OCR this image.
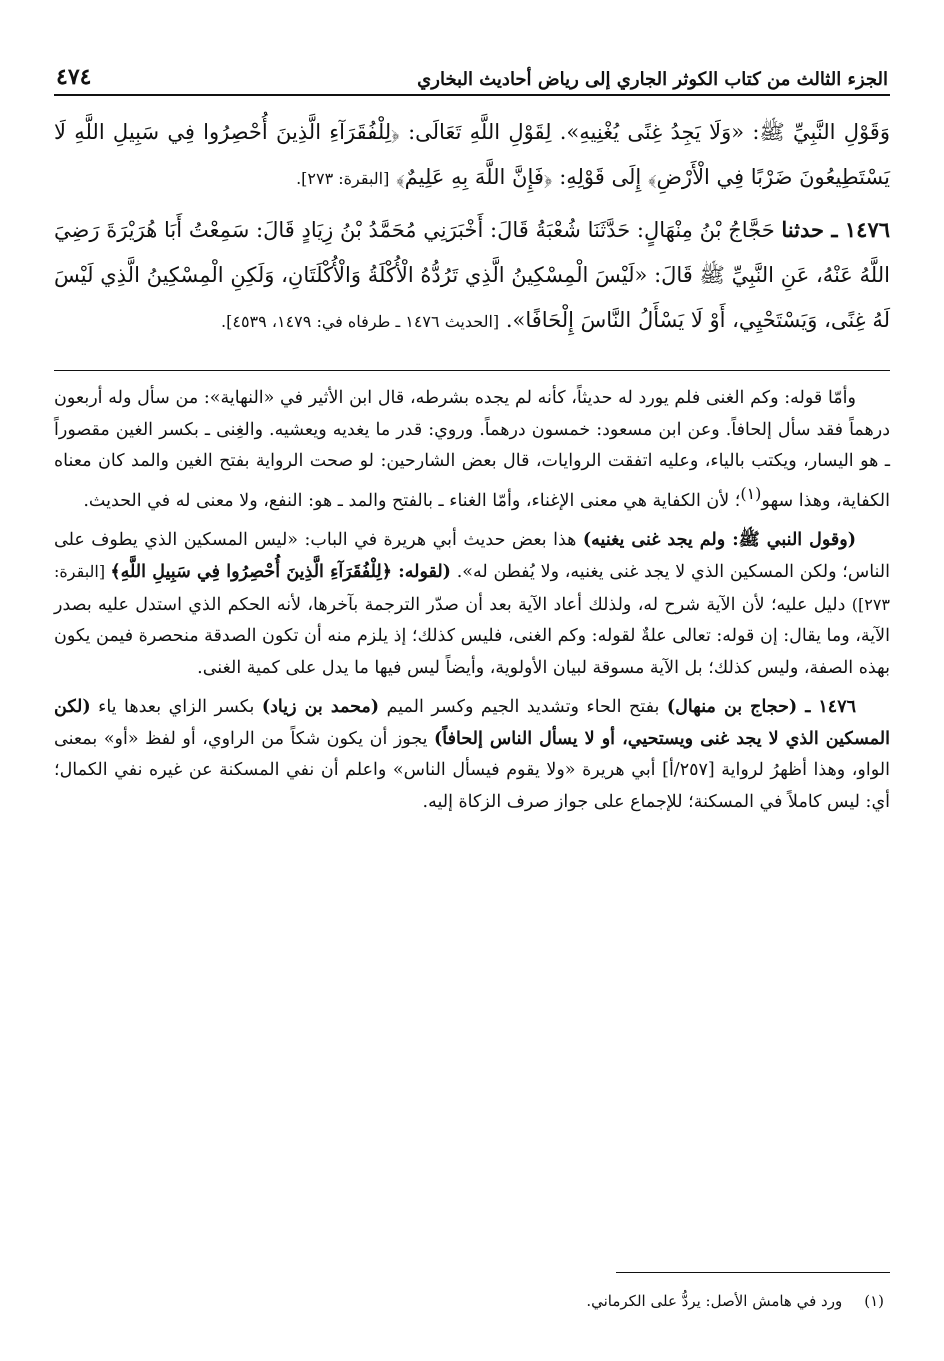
الجزء الثالث من كتاب الكوثر الجاري إلى رياض أحاديث البخاري
٤٧٤

وَقَوْلِ النَّبِيِّ ﷺ: «وَلَا يَجِدُ غِنًى يُغْنِيهِ». لِقَوْلِ اللَّهِ تَعَالَى: ﴿لِلْفُقَرَآءِ الَّذِينَ أُحْصِرُوا فِي سَبِيلِ اللَّهِ لَا يَسْتَطِيعُونَ ضَرْبًا فِي الْأَرْضِ﴾ إِلَى قَوْلِهِ: ﴿فَإِنَّ اللَّهَ بِهِ عَلِيمٌ﴾ [البقرة: ٢٧٣].

١٤٧٦ ـ حدثنا حَجَّاجُ بْنُ مِنْهَالٍ: حَدَّثَنَا شُعْبَةُ قَالَ: أَخْبَرَنِي مُحَمَّدُ بْنُ زِيَادٍ قَالَ: سَمِعْتُ أَبَا هُرَيْرَةَ رَضِيَ اللَّهُ عَنْهُ، عَنِ النَّبِيِّ ﷺ قَالَ: «لَيْسَ الْمِسْكِينُ الَّذِي تَرُدُّهُ الْأُكْلَةُ وَالْأُكْلَتَانِ، وَلَكِنِ الْمِسْكِينُ الَّذِي لَيْسَ لَهُ غِنًى، وَيَسْتَحْيِي، أَوْ لَا يَسْأَلُ النَّاسَ إِلْحَافًا». [الحديث ١٤٧٦ ـ طرفاه في: ١٤٧٩، ٤٥٣٩].

وأمّا قوله: وكم الغنى فلم يورد له حديثاً، كأنه لم يجده بشرطه، قال ابن الأثير في «النهاية»: من سأل وله أربعون درهماً فقد سأل إلحافاً. وعن ابن مسعود: خمسون درهماً. وروي: قدر ما يغديه ويعشيه. والغِنى ـ بكسر الغين مقصوراً ـ هو اليسار، ويكتب بالياء، وعليه اتفقت الروايات، قال بعض الشارحين: لو صحت الرواية بفتح الغين والمد كان معناه الكفاية، وهذا سهو$^{(١)}$؛ لأن الكفاية هي معنى الإغناء، وأمّا الغناء ـ بالفتح والمد ـ هو: النفع، ولا معنى له في الحديث.

(وقول النبي ﷺ: ولم يجد غنى يغنيه) هذا بعض حديث أبي هريرة في الباب: «ليس المسكين الذي يطوف على الناس؛ ولكن المسكين الذي لا يجد غنى يغنيه، ولا يُفطن له». (لقوله: ﴿لِلْفُقَرَآءِ الَّذِينَ أُحْصِرُوا فِي سَبِيلِ اللَّهِ﴾ [البقرة: ٢٧٣]) دليل عليه؛ لأن الآية شرح له، ولذلك أعاد الآية بعد أن صدّر الترجمة بآخرها، لأنه الحكم الذي استدل عليه بصدر الآية، وما يقال: إن قوله: تعالى علةٌ لقوله: وكم الغنى، فليس كذلك؛ إذ يلزم منه أن تكون الصدقة منحصرة فيمن يكون بهذه الصفة، وليس كذلك؛ بل الآية مسوقة لبيان الأولوية، وأيضاً ليس فيها ما يدل على كمية الغنى.

١٤٧٦ ـ (حجاج بن منهال) بفتح الحاء وتشديد الجيم وكسر الميم (محمد بن زياد) بكسر الزاي بعدها ياء (لكن المسكين الذي لا يجد غنى ويستحيي، أو لا يسأل الناس إلحافاً) يجوز أن يكون شكاً من الراوي، أو لفظ «أو» بمعنى الواو، وهذا أظهرُ لرواية [٢٥٧/أ] أبي هريرة «ولا يقوم فيسأل الناس» واعلم أن نفي المسكنة عن غيره نفي الكمال؛ أي: ليس كاملاً في المسكنة؛ للإجماع على جواز صرف الزكاة إليه.

(١)ورد في هامش الأصل: يردُّ على الكرماني.
